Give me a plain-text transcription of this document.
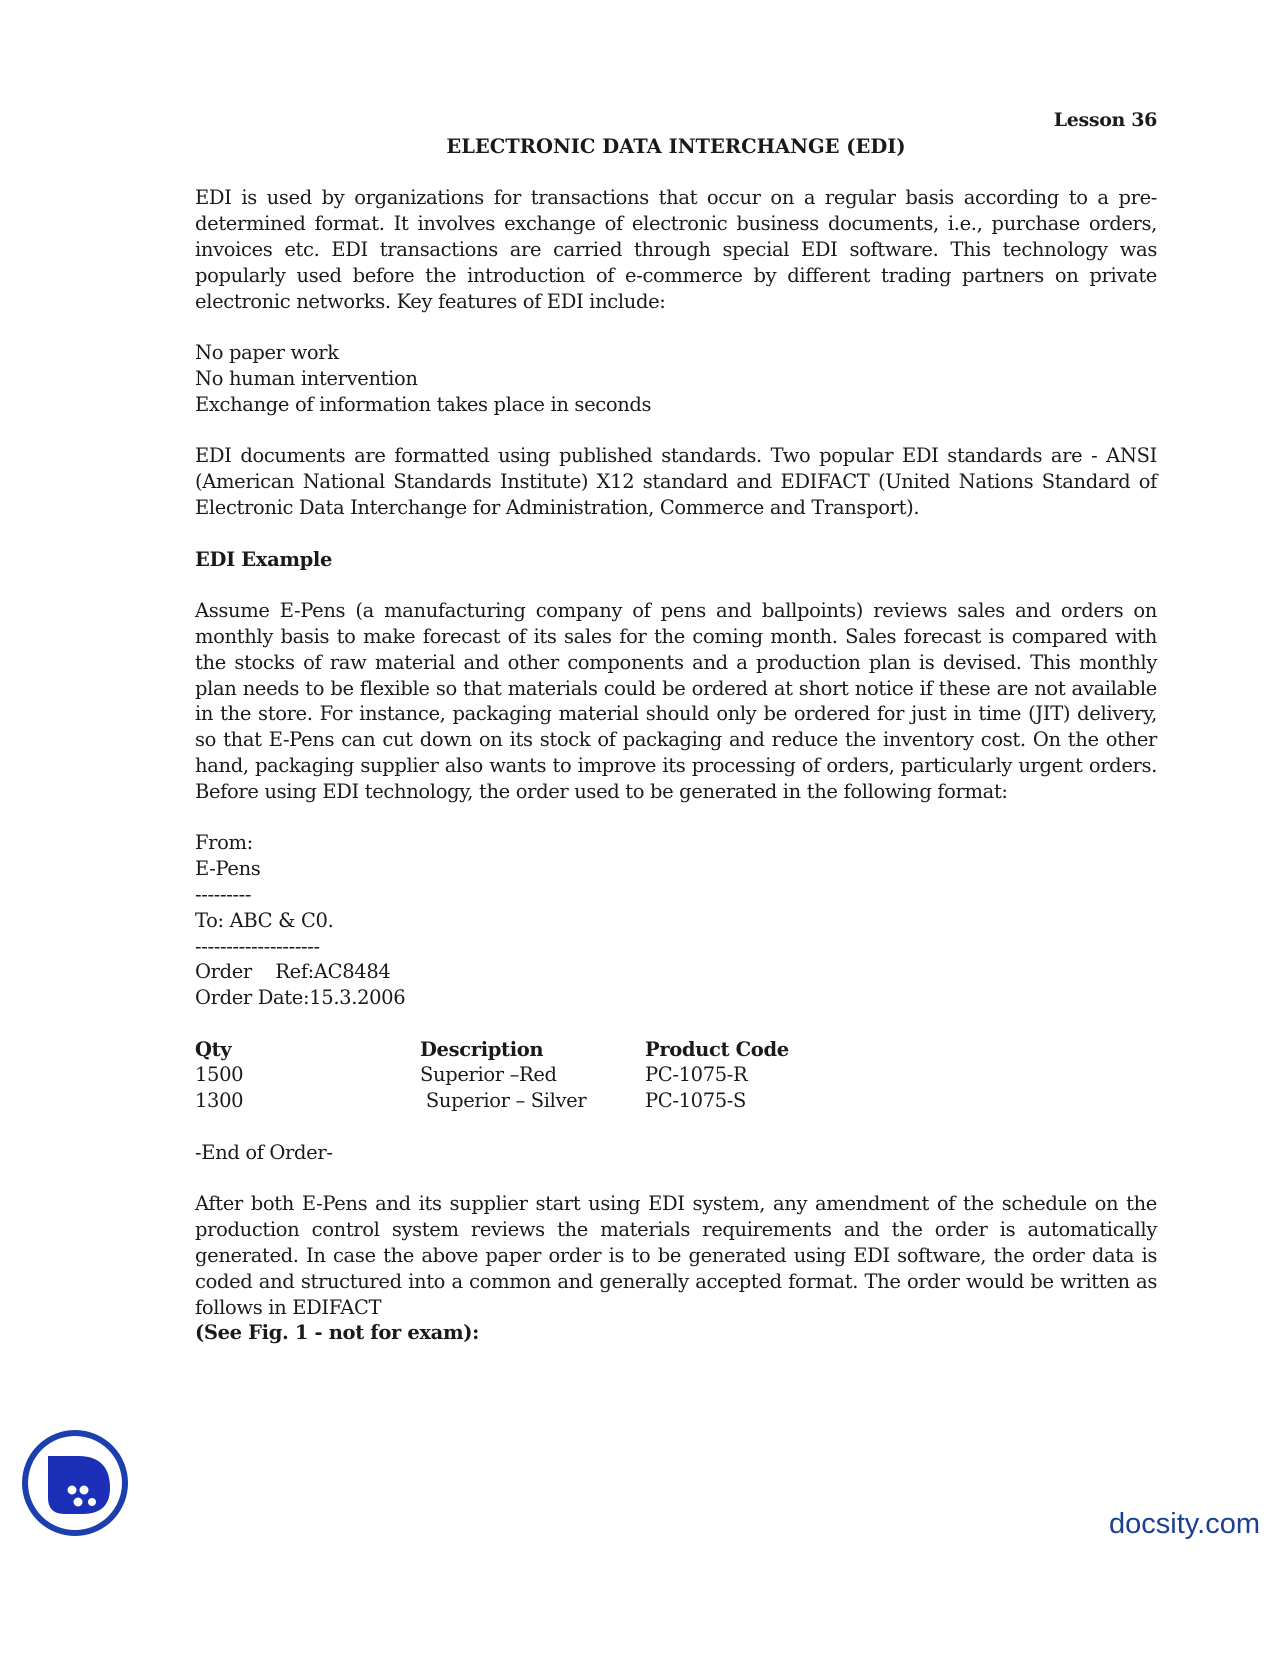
Lesson 36
ELECTRONIC DATA INTERCHANGE (EDI)

EDI is used by organizations for transactions that occur on a regular basis according to a pre-determined format. It involves exchange of electronic business documents, i.e., purchase orders, invoices etc. EDI transactions are carried through special EDI software. This technology was popularly used before the introduction of e-commerce by different trading partners on private electronic networks. Key features of EDI include:

No paper work

No human intervention

Exchange of information takes place in seconds

EDI documents are formatted using published standards. Two popular EDI standards are - ANSI (American National Standards Institute) X12 standard and EDIFACT (United Nations Standard of Electronic Data Interchange for Administration, Commerce and Transport).

EDI Example

Assume E-Pens (a manufacturing company of pens and ballpoints) reviews sales and orders on monthly basis to make forecast of its sales for the coming month. Sales forecast is compared with the stocks of raw material and other components and a production plan is devised. This monthly plan needs to be flexible so that materials could be ordered at short notice if these are not available in the store. For instance, packaging material should only be ordered for just in time (JIT) delivery, so that E-Pens can cut down on its stock of packaging and reduce the inventory cost. On the other hand, packaging supplier also wants to improve its processing of orders, particularly urgent orders. Before using EDI technology, the order used to be generated in the following format:

From:
E-Pens
---------
To: ABC & C0.
--------------------
Order    Ref:AC8484
Order Date:15.3.2006
Qty	Description	Product Code
1500	Superior –Red	PC-1075-R
1300	Superior – Silver	PC-1075-S

-End of Order-

After both E-Pens and its supplier start using EDI system, any amendment of the schedule on the production control system reviews the materials requirements and the order is automatically generated. In case the above paper order is to be generated using EDI software, the order data is coded and structured into a common and generally accepted format. The order would be written as follows in EDIFACT

(See Fig. 1 - not for exam):
docsity.com
